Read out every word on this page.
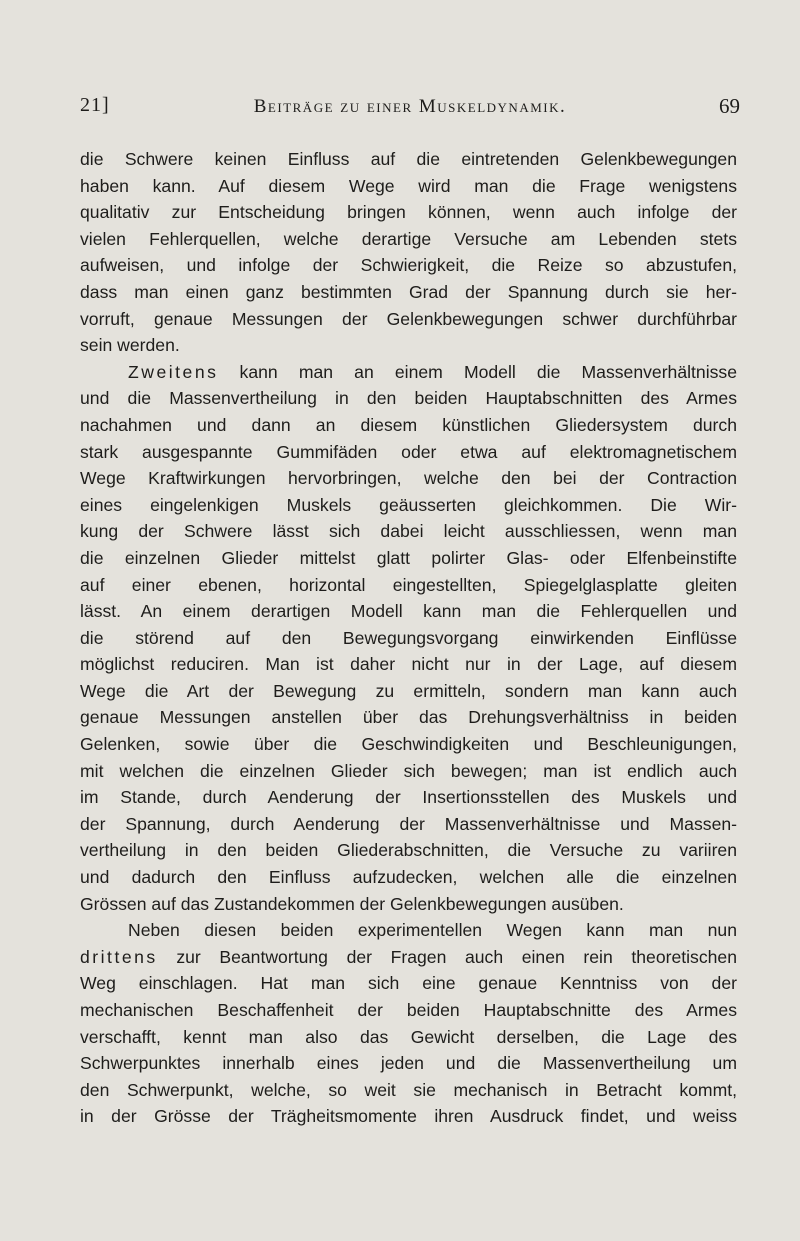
21]	Beiträge zu einer Muskeldynamik.	69
die Schwere keinen Einfluss auf die eintretenden Gelenkbewegungen
haben kann. Auf diesem Wege wird man die Frage wenigstens
qualitativ zur Entscheidung bringen können, wenn auch infolge der
vielen Fehlerquellen, welche derartige Versuche am Lebenden stets
aufweisen, und infolge der Schwierigkeit, die Reize so abzustufen,
dass man einen ganz bestimmten Grad der Spannung durch sie her-
vorruft, genaue Messungen der Gelenkbewegungen schwer durchführbar
sein werden.
Zweitens kann man an einem Modell die Massenverhältnisse
und die Massenvertheilung in den beiden Hauptabschnitten des Armes
nachahmen und dann an diesem künstlichen Gliedersystem durch
stark ausgespannte Gummifäden oder etwa auf elektromagnetischem
Wege Kraftwirkungen hervorbringen, welche den bei der Contraction
eines eingelenkigen Muskels geäusserten gleichkommen. Die Wir-
kung der Schwere lässt sich dabei leicht ausschliessen, wenn man
die einzelnen Glieder mittelst glatt polirter Glas- oder Elfenbeinstifte
auf einer ebenen, horizontal eingestellten, Spiegelglasplatte gleiten
lässt. An einem derartigen Modell kann man die Fehlerquellen und
die störend auf den Bewegungsvorgang einwirkenden Einflüsse
möglichst reduciren. Man ist daher nicht nur in der Lage, auf diesem
Wege die Art der Bewegung zu ermitteln, sondern man kann auch
genaue Messungen anstellen über das Drehungsverhältniss in beiden
Gelenken, sowie über die Geschwindigkeiten und Beschleunigungen,
mit welchen die einzelnen Glieder sich bewegen; man ist endlich auch
im Stande, durch Aenderung der Insertionsstellen des Muskels und
der Spannung, durch Aenderung der Massenverhältnisse und Massen-
vertheilung in den beiden Gliederabschnitten, die Versuche zu variiren
und dadurch den Einfluss aufzudecken, welchen alle die einzelnen
Grössen auf das Zustandekommen der Gelenkbewegungen ausüben.
Neben diesen beiden experimentellen Wegen kann man nun
drittens zur Beantwortung der Fragen auch einen rein theoretischen
Weg einschlagen. Hat man sich eine genaue Kenntniss von der
mechanischen Beschaffenheit der beiden Hauptabschnitte des Armes
verschafft, kennt man also das Gewicht derselben, die Lage des
Schwerpunktes innerhalb eines jeden und die Massenvertheilung um
den Schwerpunkt, welche, so weit sie mechanisch in Betracht kommt,
in der Grösse der Trägheitsmomente ihren Ausdruck findet, und weiss
